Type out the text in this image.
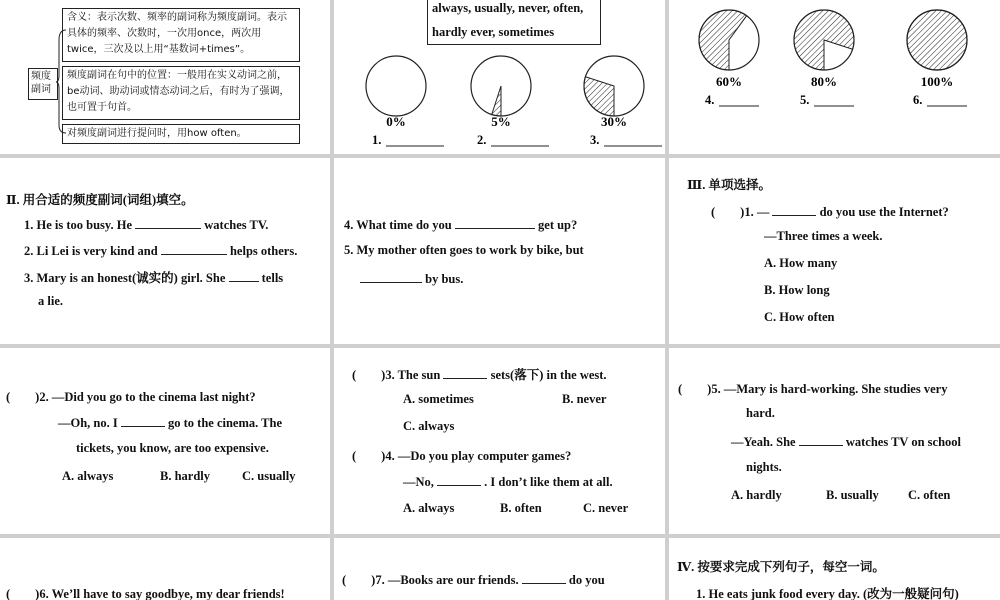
频度副词
含义：表示次数、频率的副词称为频度副词。表示具体的频率、次数时，一次用once，两次用twice，三次及以上用“基数词+times”。
频度副词在句中的位置：一般用在实义动词之前，be动词、助动词或情态动词之后，有时为了强调，也可置于句首。
对频度副词进行提问时，用how often。
always, usually, never, often,
hardly ever, sometimes
0%
1.
5%
2.
30%
3.
60%
4.
80%
5.
100%
6.
Ⅱ. 用合适的频度副词(词组)填空。
1. He is too busy. He	watches TV.
2. Li Lei is very kind and	helps others.
3. Mary is an honest(诚实的) girl. She	tells
a lie.
4. What time do you	get up?
5. My mother often goes to work by bike, but
by bus.
Ⅲ. 单项选择。
(　　)1. —	do you use the Internet?
—Three times a week.
A. How many
B. How long
C. How often
(　　)2. —Did you go to the cinema last night?
—Oh, no. I	go to the cinema. The
tickets, you know, are too expensive.
A. always	B. hardly	C. usually
(　　)3. The sun	sets(落下) in the west.
A. sometimes	B. never
C. always
(　　)4. —Do you play computer games?
—No,	. I don’t like them at all.
A. always	B. often	C. never
(　　)5. —Mary is hard-working. She studies very
hard.
—Yeah. She	watches TV on school
nights.
A. hardly	B. usually C. often
(　　)6. We’ll have to say goodbye, my dear friends!
(　　)7. —Books are our friends.	do you
Ⅳ. 按要求完成下列句子，每空一词。
1. He eats junk food every day. (改为一般疑问句)
